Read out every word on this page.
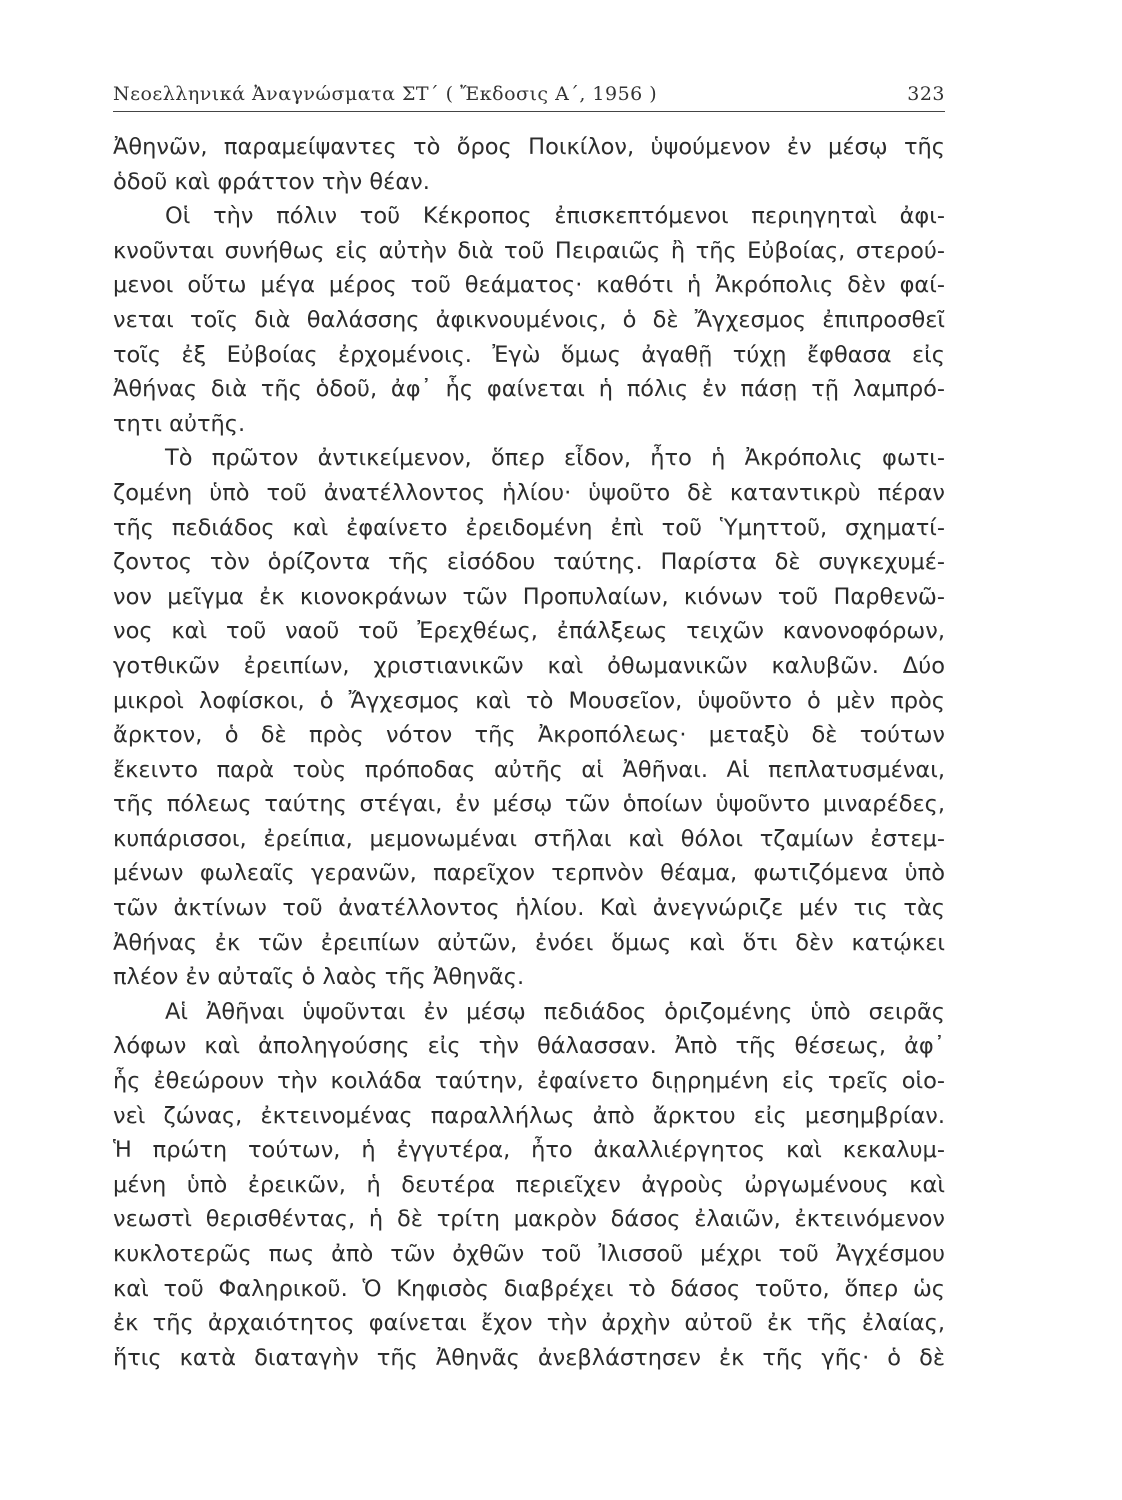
Νεοελληνικά Ἀναγνώσματα ΣΤ´ ( Ἔκδοσις Α´, 1956 )	323
Ἀθηνῶν, παραμείψαντες τὸ ὄρος Ποικίλον, ὑψούμενον ἐν μέσῳ τῆς
ὁδοῦ καὶ φράττον τὴν θέαν.
Οἱ τὴν πόλιν τοῦ Κέκροπος ἐπισκεπτόμενοι περιηγηταὶ ἀφι-
κνοῦνται συνήθως εἰς αὐτὴν διὰ τοῦ Πειραιῶς ἢ τῆς Εὐβοίας, στερού-
μενοι οὕτω μέγα μέρος τοῦ θεάματος· καθότι ἡ Ἀκρόπολις δὲν φαί-
νεται τοῖς διὰ θαλάσσης ἀφικνουμένοις, ὁ δὲ Ἄγχεσμος ἐπιπροσθεῖ
τοῖς ἐξ Εὐβοίας ἐρχομένοις. Ἐγὼ ὅμως ἀγαθῇ τύχῃ ἔφθασα εἰς
Ἀθήνας διὰ τῆς ὁδοῦ, ἀφ᾽ ἧς φαίνεται ἡ πόλις ἐν πάσῃ τῇ λαμπρό-
τητι αὐτῆς.
Τὸ πρῶτον ἀντικείμενον, ὅπερ εἶδον, ἦτο ἡ Ἀκρόπολις φωτι-
ζομένη ὑπὸ τοῦ ἀνατέλλοντος ἡλίου· ὑψοῦτο δὲ καταντικρὺ πέραν
τῆς πεδιάδος καὶ ἐφαίνετο ἐρειδομένη ἐπὶ τοῦ Ὑμηττοῦ, σχηματί-
ζοντος τὸν ὁρίζοντα τῆς εἰσόδου ταύτης. Παρίστα δὲ συγκεχυμέ-
νον μεῖγμα ἐκ κιονοκράνων τῶν Προπυλαίων, κιόνων τοῦ Παρθενῶ-
νος καὶ τοῦ ναοῦ τοῦ Ἐρεχθέως, ἐπάλξεως τειχῶν κανονοφόρων,
γοτθικῶν ἐρειπίων, χριστιανικῶν καὶ ὀθωμανικῶν καλυβῶν. Δύο
μικροὶ λοφίσκοι, ὁ Ἄγχεσμος καὶ τὸ Μουσεῖον, ὑψοῦντο ὁ μὲν πρὸς
ἄρκτον, ὁ δὲ πρὸς νότον τῆς Ἀκροπόλεως· μεταξὺ δὲ τούτων
ἔκειντο παρὰ τοὺς πρόποδας αὐτῆς αἱ Ἀθῆναι. Αἱ πεπλατυσμέναι,
τῆς πόλεως ταύτης στέγαι, ἐν μέσῳ τῶν ὁποίων ὑψοῦντο μιναρέδες,
κυπάρισσοι, ἐρείπια, μεμονωμέναι στῆλαι καὶ θόλοι τζαμίων ἐστεμ-
μένων φωλεαῖς γερανῶν, παρεῖχον τερπνὸν θέαμα, φωτιζόμενα ὑπὸ
τῶν ἀκτίνων τοῦ ἀνατέλλοντος ἡλίου. Καὶ ἀνεγνώριζε μέν τις τὰς
Ἀθήνας ἐκ τῶν ἐρειπίων αὐτῶν, ἐνόει ὅμως καὶ ὅτι δὲν κατῴκει
πλέον ἐν αὐταῖς ὁ λαὸς τῆς Ἀθηνᾶς.
Αἱ Ἀθῆναι ὑψοῦνται ἐν μέσῳ πεδιάδος ὁριζομένης ὑπὸ σειρᾶς
λόφων καὶ ἀποληγούσης εἰς τὴν θάλασσαν. Ἀπὸ τῆς θέσεως, ἀφ᾽
ἧς ἐθεώρουν τὴν κοιλάδα ταύτην, ἐφαίνετο διῃρημένη εἰς τρεῖς οἱο-
νεὶ ζώνας, ἐκτεινομένας παραλλήλως ἀπὸ ἄρκτου εἰς μεσημβρίαν.
Ἡ πρώτη τούτων, ἡ ἐγγυτέρα, ἦτο ἀκαλλιέργητος καὶ κεκαλυμ-
μένη ὑπὸ ἐρεικῶν, ἡ δευτέρα περιεῖχεν ἀγροὺς ὠργωμένους καὶ
νεωστὶ θερισθέντας, ἡ δὲ τρίτη μακρὸν δάσος ἐλαιῶν, ἐκτεινόμενον
κυκλοτερῶς πως ἀπὸ τῶν ὀχθῶν τοῦ Ἰλισσοῦ μέχρι τοῦ Ἀγχέσμου
καὶ τοῦ Φαληρικοῦ. Ὁ Κηφισὸς διαβρέχει τὸ δάσος τοῦτο, ὅπερ ὡς
ἐκ τῆς ἀρχαιότητος φαίνεται ἔχον τὴν ἀρχὴν αὐτοῦ ἐκ τῆς ἐλαίας,
ἥτις κατὰ διαταγὴν τῆς Ἀθηνᾶς ἀνεβλάστησεν ἐκ τῆς γῆς· ὁ δὲ
